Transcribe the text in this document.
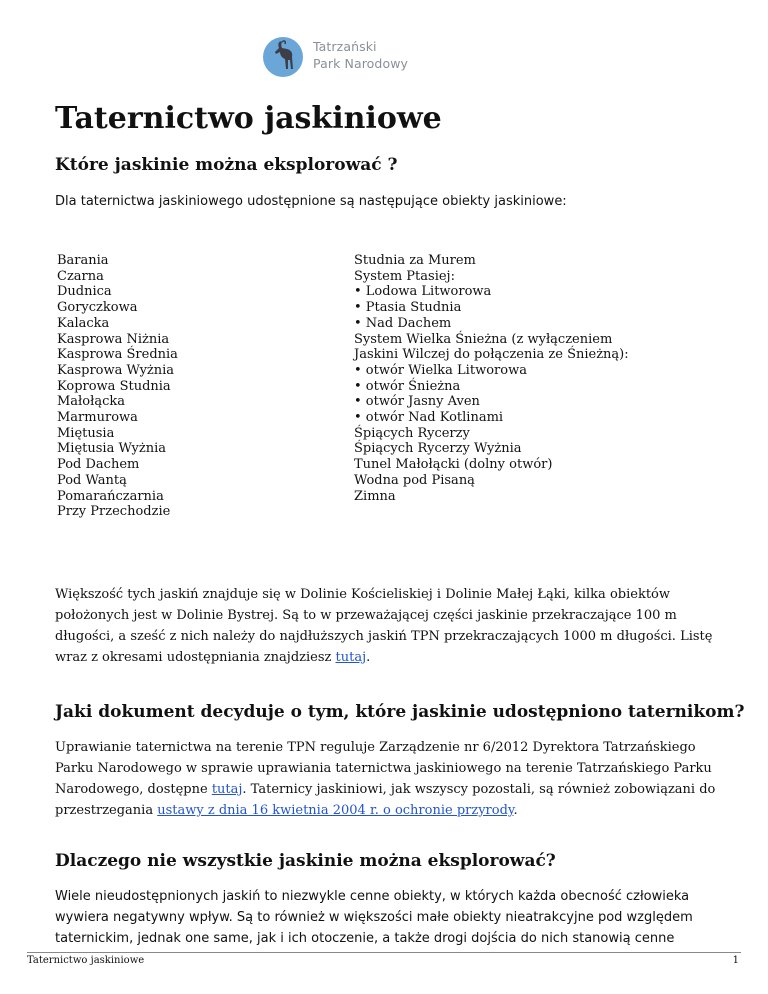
Tatrzański
Park Narodowy
Taternictwo jaskiniowe
Które jaskinie można eksplorować ?

Dla taternictwa jaskiniowego udostępnione są następujące obiekty jaskiniowe:

Barania
Czarna
Dudnica
Goryczkowa
Kalacka
Kasprowa Niżnia
Kasprowa Średnia
Kasprowa Wyżnia
Koprowa Studnia
Małołącka
Marmurowa
Miętusia
Miętusia Wyżnia
Pod Dachem
Pod Wantą
Pomarańczarnia
Przy Przechodzie
Studnia za Murem
System Ptasiej:
• Lodowa Litworowa
• Ptasia Studnia
• Nad Dachem
System Wielka Śnieżna (z wyłączeniem
Jaskini Wilczej do połączenia ze Śnieżną):
• otwór Wielka Litworowa
• otwór Śnieżna
• otwór Jasny Aven
• otwór Nad Kotlinami
Śpiących Rycerzy
Śpiących Rycerzy Wyżnia
Tunel Małołącki (dolny otwór)
Wodna pod Pisaną
Zimna

Większość tych jaskiń znajduje się w Dolinie Kościeliskiej i Dolinie Małej Łąki, kilka obiektów położonych jest w Dolinie Bystrej. Są to w przeważającej części jaskinie przekraczające 100 m długości, a sześć z nich należy do najdłuższych jaskiń TPN przekraczających 1000 m długości. Listę wraz z okresami udostępniania znajdziesz tutaj.

Jaki dokument decyduje o tym, które jaskinie udostępniono taternikom?

Uprawianie taternictwa na terenie TPN reguluje Zarządzenie nr 6/2012 Dyrektora Tatrzańskiego Parku Narodowego w sprawie uprawiania taternictwa jaskiniowego na terenie Tatrzańskiego Parku Narodowego, dostępne tutaj. Taternicy jaskiniowi, jak wszyscy pozostali, są również zobowiązani do przestrzegania ustawy z dnia 16 kwietnia 2004 r. o ochronie przyrody.

Dlaczego nie wszystkie jaskinie można eksplorować?

Wiele nieudostępnionych jaskiń to niezwykle cenne obiekty, w których każda obecność człowieka wywiera negatywny wpływ. Są to również w większości małe obiekty nieatrakcyjne pod względem taternickim, jednak one same, jak i ich otoczenie, a także drogi dojścia do nich stanowią cenne

Taternictwo jaskiniowe	1
